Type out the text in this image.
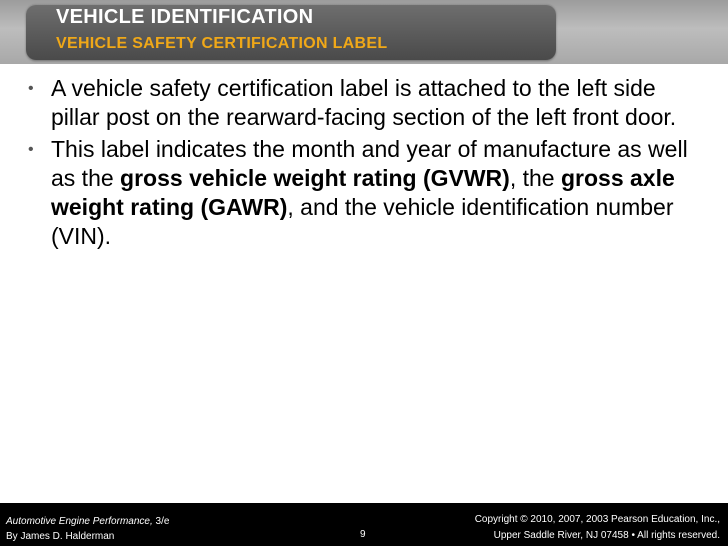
VEHICLE IDENTIFICATION
VEHICLE SAFETY CERTIFICATION LABEL
• A vehicle safety certification label is attached to the left side pillar post on the rearward-facing section of the left front door.
• This label indicates the month and year of manufacture as well as the gross vehicle weight rating (GVWR), the gross axle weight rating (GAWR), and the vehicle identification number (VIN).
Automotive Engine Performance, 3/e
By James D. Halderman	9
Copyright © 2010, 2007, 2003 Pearson Education, Inc.,
Upper Saddle River, NJ 07458 • All rights reserved.
